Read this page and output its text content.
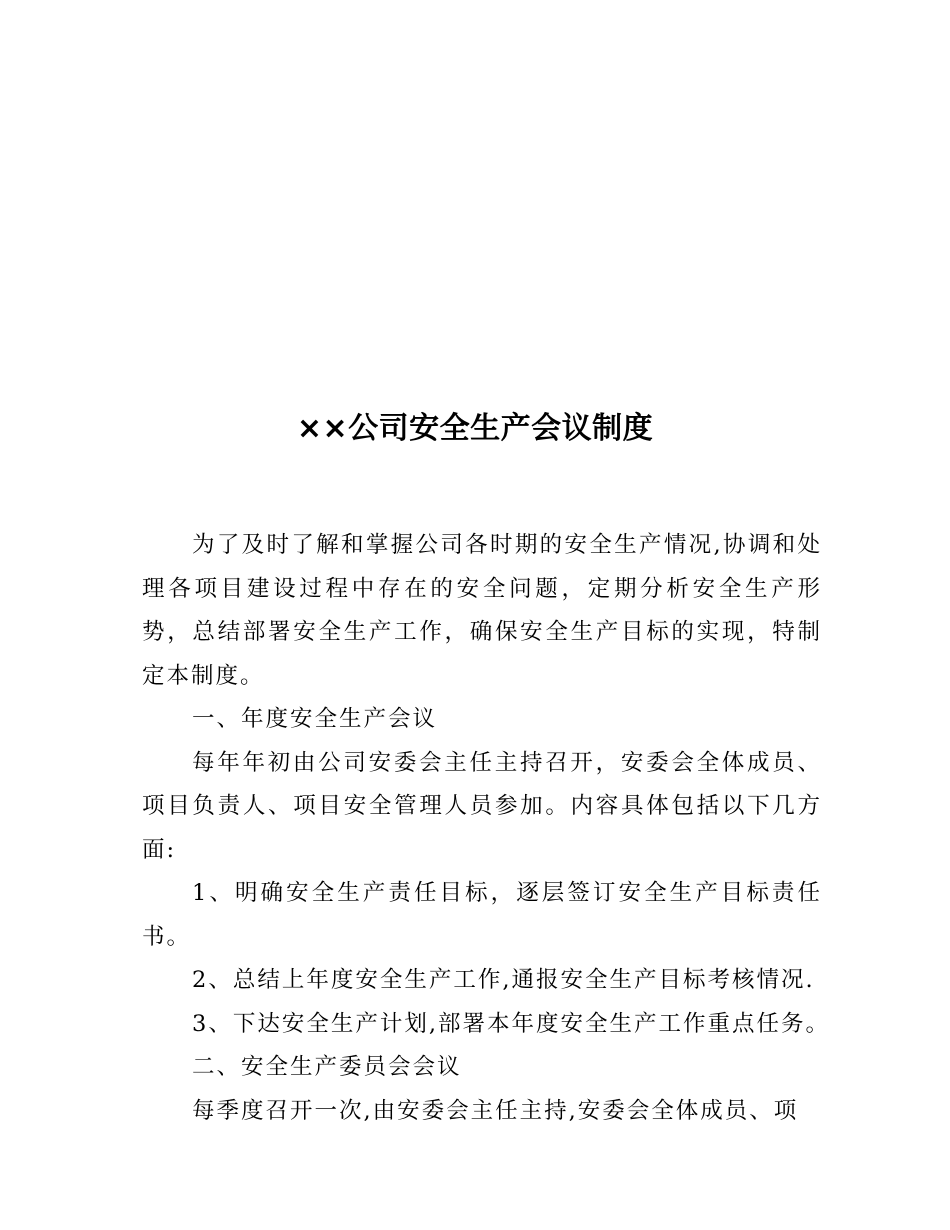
××公司安全生产会议制度

为了及时了解和掌握公司各时期的安全生产情况,协调和处理各项目建设过程中存在的安全问题，定期分析安全生产形势，总结部署安全生产工作，确保安全生产目标的实现，特制定本制度。

一、年度安全生产会议

每年年初由公司安委会主任主持召开，安委会全体成员、项目负责人、项目安全管理人员参加。内容具体包括以下几方面:

1、明确安全生产责任目标，逐层签订安全生产目标责任书。

2、总结上年度安全生产工作,通报安全生产目标考核情况.

3、下达安全生产计划,部署本年度安全生产工作重点任务。

二、安全生产委员会会议

每季度召开一次,由安委会主任主持,安委会全体成员、项
